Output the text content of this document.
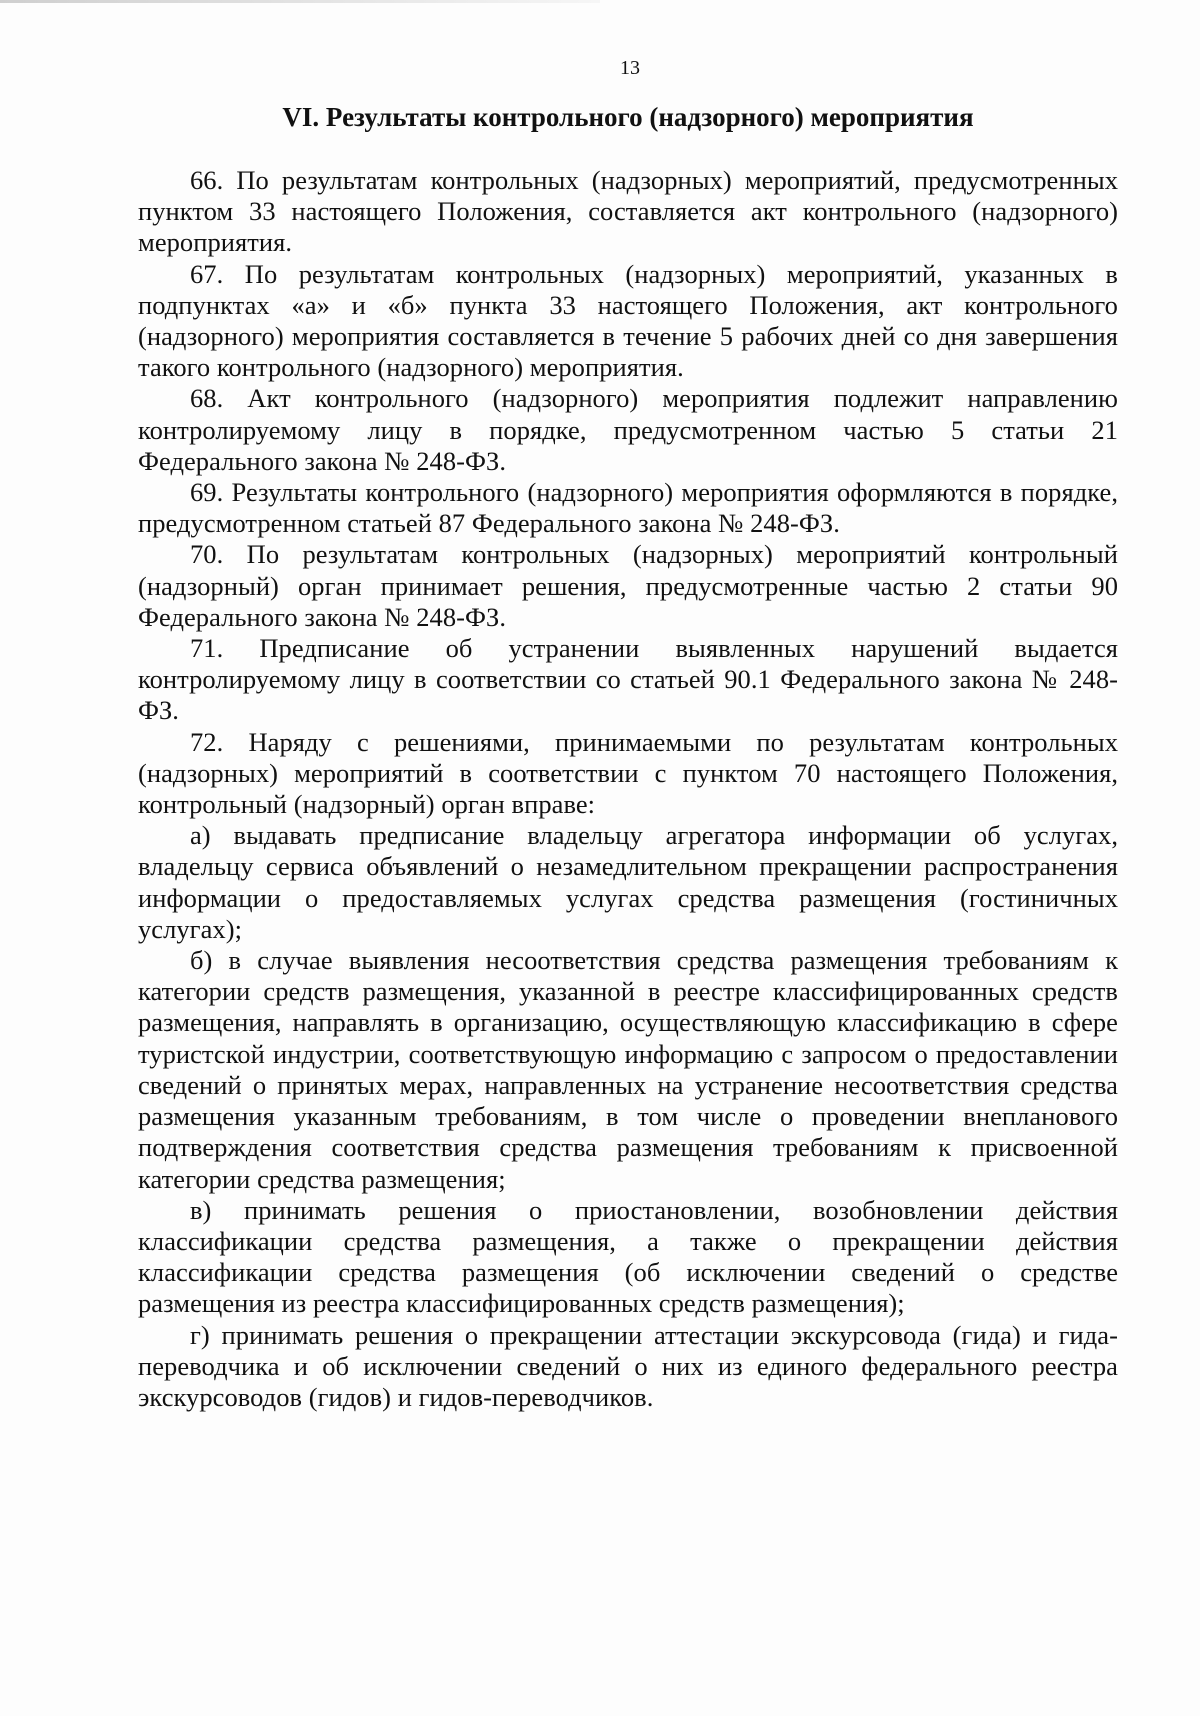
13
VI. Результаты контрольного (надзорного) мероприятия

66. По результатам контрольных (надзорных) мероприятий, предусмотренных пунктом 33 настоящего Положения, составляется акт контрольного (надзорного) мероприятия.

67. По результатам контрольных (надзорных) мероприятий, указанных в подпунктах «а» и «б» пункта 33 настоящего Положения, акт контрольного (надзорного) мероприятия составляется в течение 5 рабочих дней со дня завершения такого контрольного (надзорного) мероприятия.

68. Акт контрольного (надзорного) мероприятия подлежит направлению контролируемому лицу в порядке, предусмотренном частью 5 статьи 21 Федерального закона № 248-ФЗ.

69. Результаты контрольного (надзорного) мероприятия оформляются в порядке, предусмотренном статьей 87 Федерального закона № 248-ФЗ.

70. По результатам контрольных (надзорных) мероприятий контрольный (надзорный) орган принимает решения, предусмотренные частью 2 статьи 90 Федерального закона № 248-ФЗ.

71. Предписание об устранении выявленных нарушений выдается контролируемому лицу в соответствии со статьей 90.1 Федерального закона № 248-ФЗ.

72. Наряду с решениями, принимаемыми по результатам контрольных (надзорных) мероприятий в соответствии с пунктом 70 настоящего Положения, контрольный (надзорный) орган вправе:

а) выдавать предписание владельцу агрегатора информации об услугах, владельцу сервиса объявлений о незамедлительном прекращении распространения информации о предоставляемых услугах средства размещения (гостиничных услугах);

б) в случае выявления несоответствия средства размещения требованиям к категории средств размещения, указанной в реестре классифицированных средств размещения, направлять в организацию, осуществляющую классификацию в сфере туристской индустрии, соответствующую информацию с запросом о предоставлении сведений о принятых мерах, направленных на устранение несоответствия средства размещения указанным требованиям, в том числе о проведении внепланового подтверждения соответствия средства размещения требованиям к присвоенной категории средства размещения;

в) принимать решения о приостановлении, возобновлении действия классификации средства размещения, а также о прекращении действия классификации средства размещения (об исключении сведений о средстве размещения из реестра классифицированных средств размещения);

г) принимать решения о прекращении аттестации экскурсовода (гида) и гида-переводчика и об исключении сведений о них из единого федерального реестра экскурсоводов (гидов) и гидов-переводчиков.
